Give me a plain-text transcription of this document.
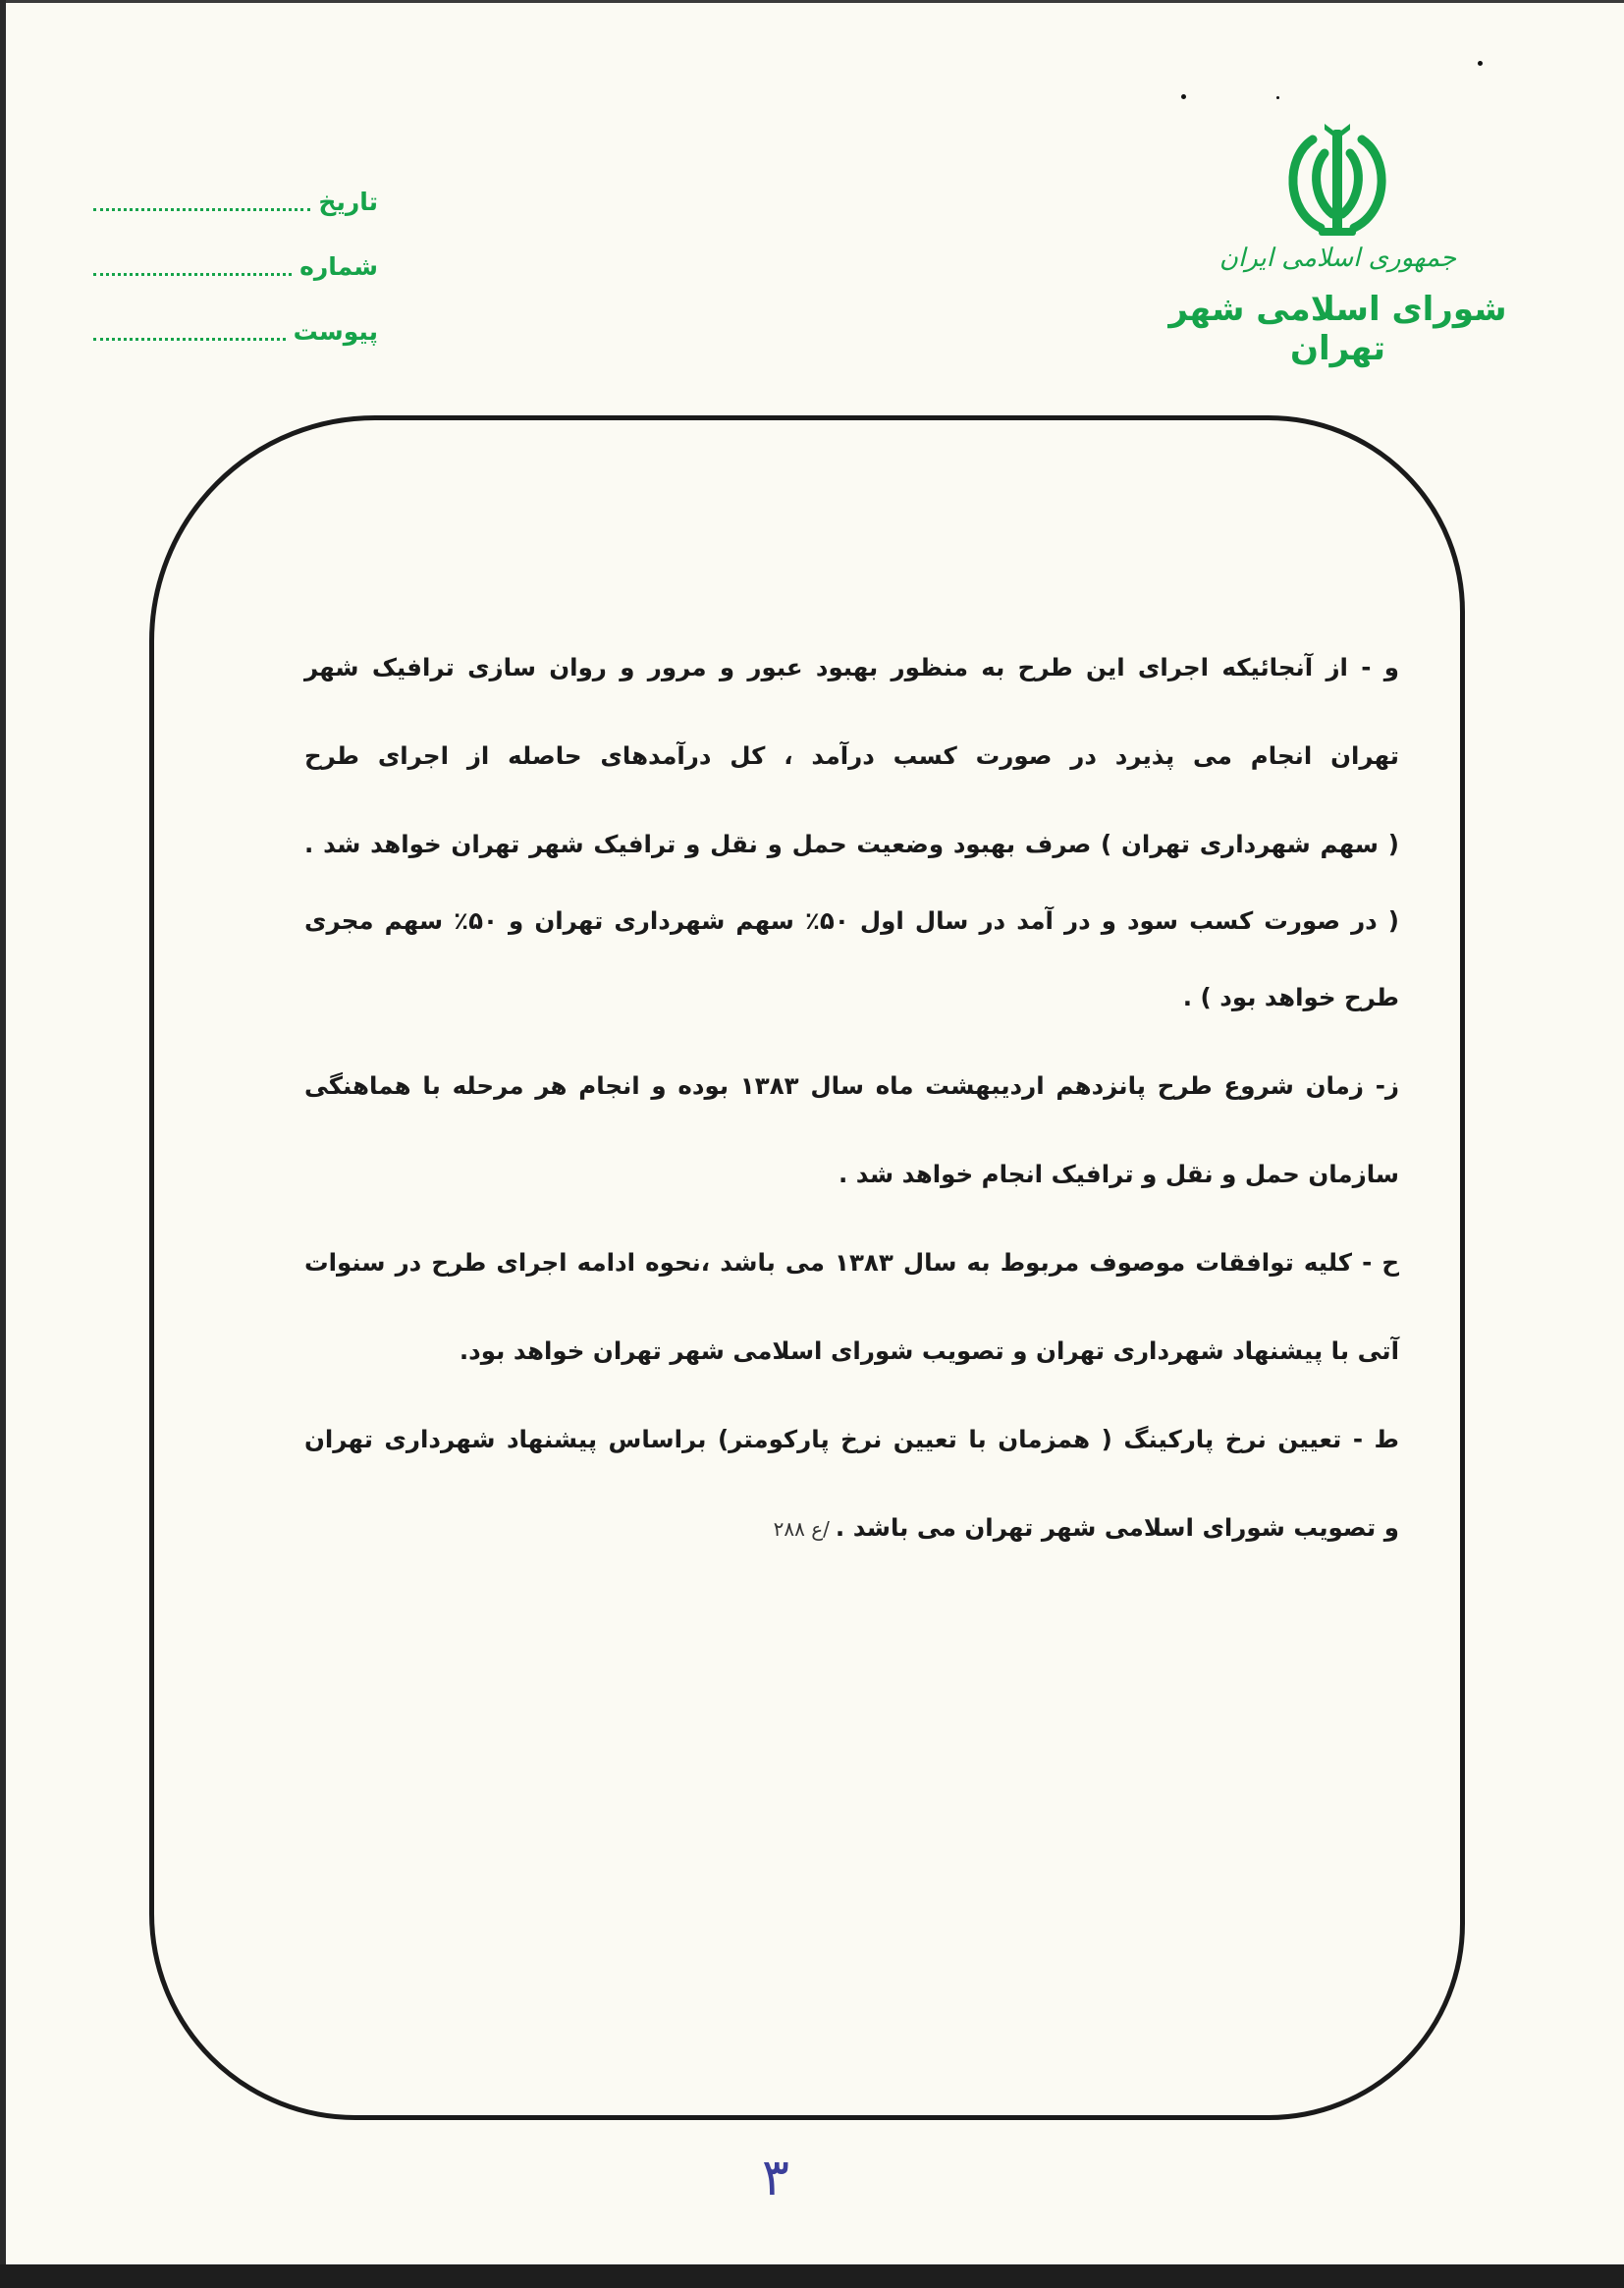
جمهوری اسلامی ایران
شورای اسلامی شهر تهران
تاریخ
شماره
پیوست
و - از آنجائیکه اجرای این طرح به منظور بهبود عبور و مرور و روان سازی ترافیک شهر
تهران انجام می پذیرد در صورت کسب درآمد ، کل درآمدهای حاصله از اجرای طرح
( سهم شهرداری تهران ) صرف بهبود وضعیت حمل و نقل و ترافیک شهر تهران خواهد شد .
( در صورت کسب سود و در آمد در سال اول ۵۰٪ سهم شهرداری تهران و ۵۰٪ سهم مجری
طرح خواهد بود ) .
ز- زمان شروع طرح پانزدهم اردیبهشت ماه سال ۱۳۸۳ بوده و انجام هر مرحله با هماهنگی
سازمان حمل و نقل و ترافیک انجام خواهد شد .
ح - کلیه توافقات موصوف مربوط به سال ۱۳۸۳ می باشد ،نحوه ادامه اجرای طرح در سنوات
آتی با پیشنهاد شهرداری تهران و تصویب شورای اسلامی شهر تهران خواهد بود.
ط - تعیین نرخ پارکینگ ( همزمان با تعیین نرخ پارکومتر) براساس پیشنهاد شهرداری تهران
و تصویب شورای اسلامی شهر تهران می باشد ./ع ۲۸۸
۳
